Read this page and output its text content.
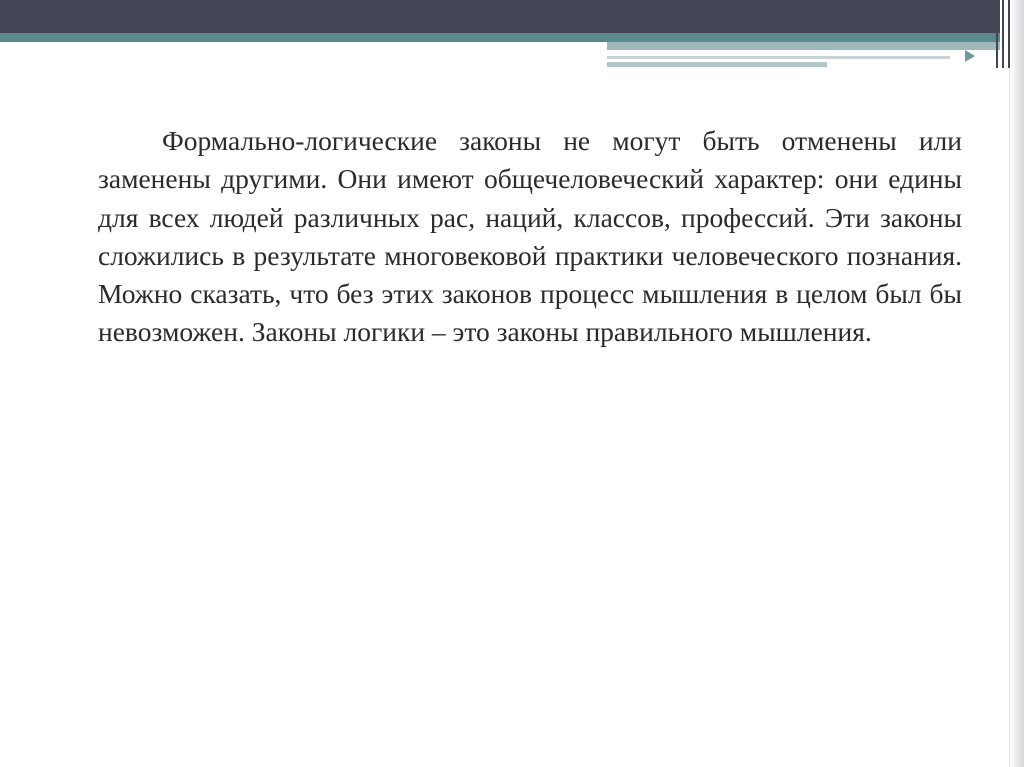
Формально-логические законы не могут быть отменены или заменены другими. Они имеют общечеловеческий характер: они едины для всех людей различных рас, наций, классов, профессий. Эти законы сложились в результате многовековой практики человеческого познания. Можно сказать, что без этих законов процесс мышления в целом был бы невозможен. Законы логики – это законы правильного мышления.
